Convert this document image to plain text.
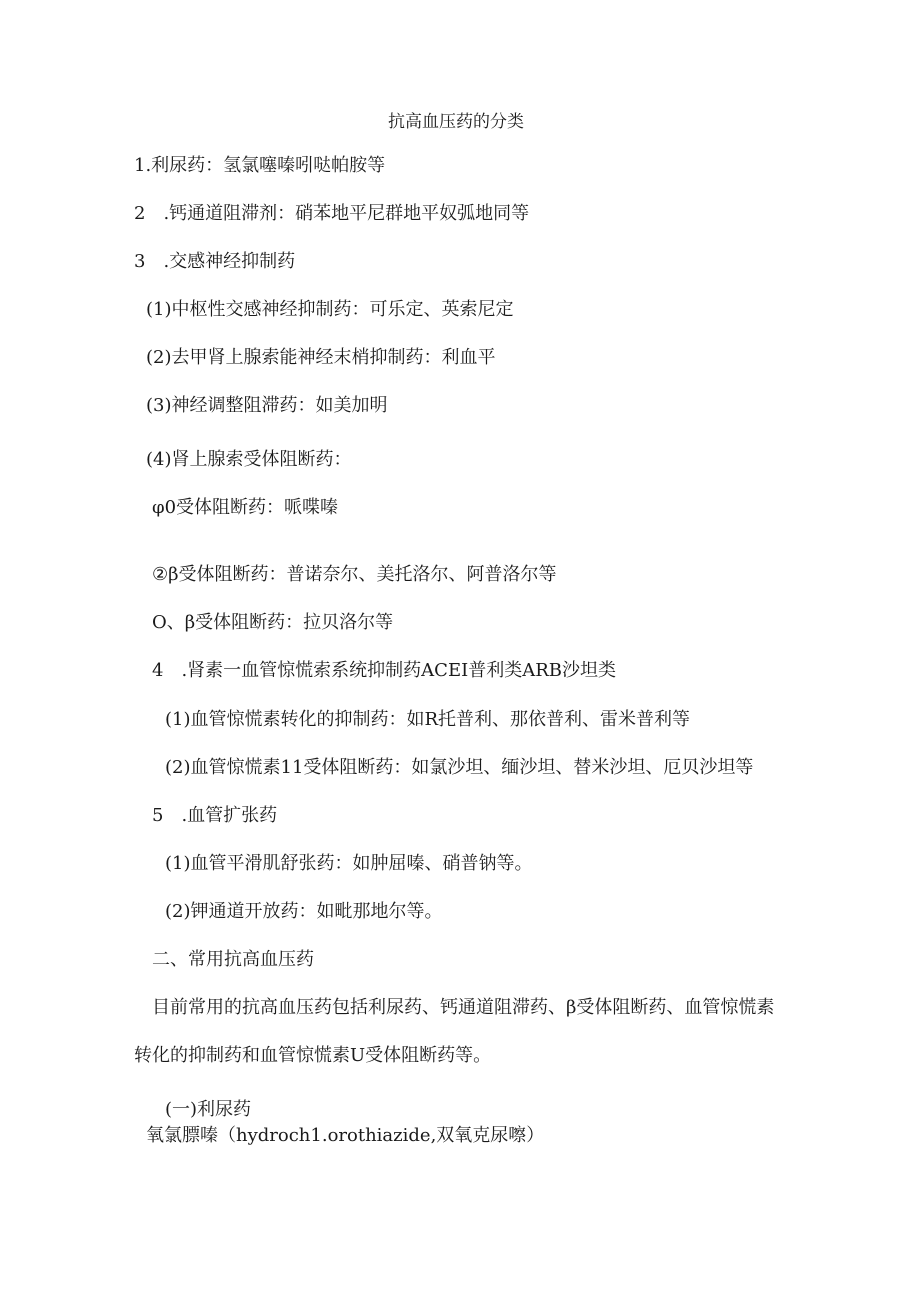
抗高血压药的分类
1.利尿药：氢氯噻嗪吲哒帕胺等
2　.钙通道阻滞剂：硝苯地平尼群地平奴弧地同等
3　.交感神经抑制药
(1)中枢性交感神经抑制药：可乐定、英索尼定
(2)去甲肾上腺索能神经末梢抑制药：利血平
(3)神经调整阻滞药：如美加明
(4)肾上腺索受体阻断药：
φ0受体阻断药：哌喋嗪
②β受体阻断药：普诺奈尔、美托洛尔、阿普洛尔等
O、β受体阻断药：拉贝洛尔等
4　.肾素一血管惊慌索系统抑制药ACEI普利类ARB沙坦类
(1)血管惊慌素转化的抑制药：如R托普利、那依普利、雷米普利等
(2)血管惊慌素11受体阻断药：如氯沙坦、缅沙坦、替米沙坦、厄贝沙坦等
5　.血管扩张药
(1)血管平滑肌舒张药：如肿屈嗪、硝普钠等。
(2)钾通道开放药：如毗那地尔等。
二、常用抗高血压药
目前常用的抗高血压药包括利尿药、钙通道阻滞药、β受体阻断药、血管惊慌素
转化的抑制药和血管惊慌素U受体阻断药等。
(一)利尿药
氧氯膘嗪（hydroch1.orothiazide,双氧克尿嚓）
